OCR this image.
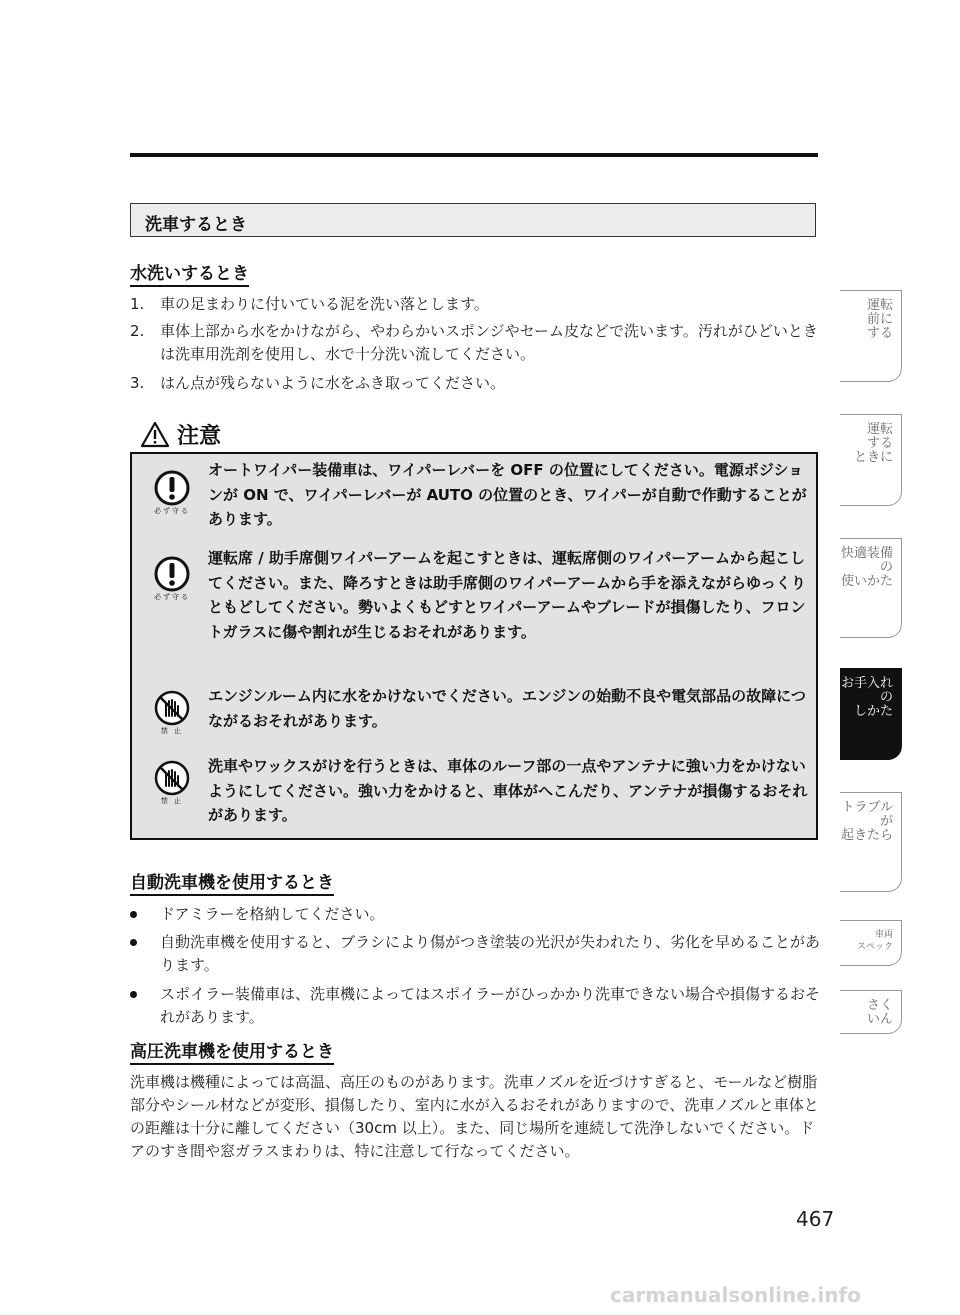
洗車するとき
水洗いするとき
1. 車の足まわりに付いている泥を洗い落とします。
2. 車体上部から水をかけながら、やわらかいスポンジやセーム皮などで洗います。汚れがひどいときは洗車用洗剤を使用し、水で十分洗い流してください。
3. はん点が残らないように水をふき取ってください。
注意
必ず守る
オートワイパー装備車は、ワイパーレバーを OFF の位置にしてください。電源ポジションが ON で、ワイパーレバーが AUTO の位置のとき、ワイパーが自動で作動することがあります。
必ず守る
運転席 / 助手席側ワイパーアームを起こすときは、運転席側のワイパーアームから起こしてください。また、降ろすときは助手席側のワイパーアームから手を添えながらゆっくりともどしてください。勢いよくもどすとワイパーアームやブレードが損傷したり、フロントガラスに傷や割れが生じるおそれがあります。
禁 止
エンジンルーム内に水をかけないでください。エンジンの始動不良や電気部品の故障につながるおそれがあります。
禁 止
洗車やワックスがけを行うときは、車体のルーフ部の一点やアンテナに強い力をかけないようにしてください。強い力をかけると、車体がへこんだり、アンテナが損傷するおそれがあります。
自動洗車機を使用するとき
ドアミラーを格納してください。
自動洗車機を使用すると、ブラシにより傷がつき塗装の光沢が失われたり、劣化を早めることがあります。
スポイラー装備車は、洗車機によってはスポイラーがひっかかり洗車できない場合や損傷するおそれがあります。
高圧洗車機を使用するとき
洗車機は機種によっては高温、高圧のものがあります。洗車ノズルを近づけすぎると、モールなど樹脂部分やシール材などが変形、損傷したり、室内に水が入るおそれがありますので、洗車ノズルと車体との距離は十分に離してください（30cm 以上）。また、同じ場所を連続して洗浄しないでください。ドアのすき間や窓ガラスまわりは、特に注意して行なってください。
運転
前に
する
運転
する
ときに
快適装備
の
使いかた
お手入れ
の
しかた
トラブル
が
起きたら
車両
スペック
さく
いん
467
carmanualsonline.info
